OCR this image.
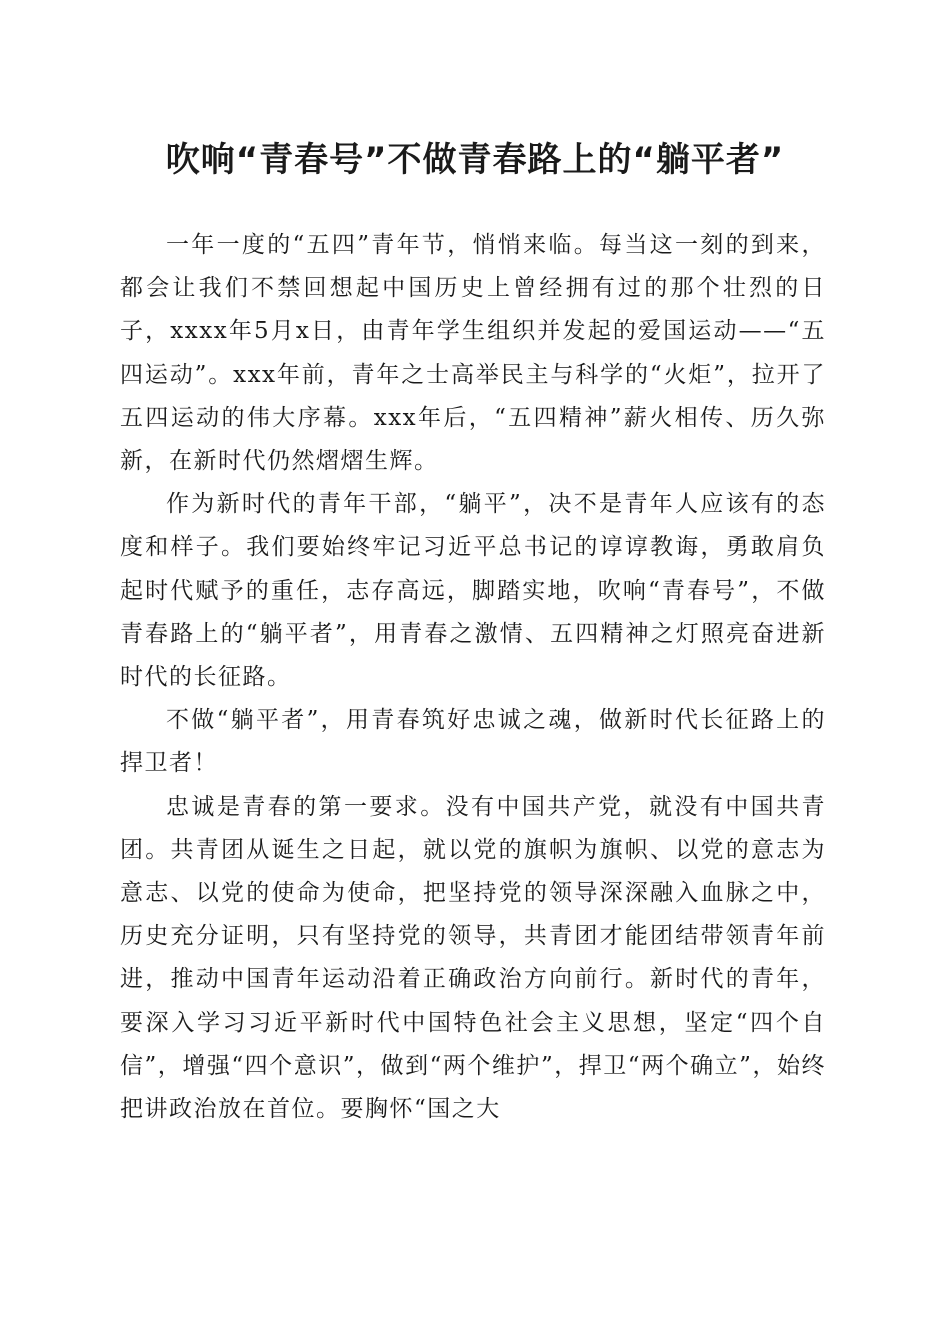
吹响“青春号”不做青春路上的“躺平者”

一年一度的“五四”青年节，悄悄来临。每当这一刻的到来，都会让我们不禁回想起中国历史上曾经拥有过的那个壮烈的日子，xxxx年5月x日，由青年学生组织并发起的爱国运动——“五四运动”。xxx年前，青年之士高举民主与科学的“火炬”，拉开了五四运动的伟大序幕。xxx年后，“五四精神”薪火相传、历久弥新，在新时代仍然熠熠生辉。

作为新时代的青年干部，“躺平”，决不是青年人应该有的态度和样子。我们要始终牢记习近平总书记的谆谆教诲，勇敢肩负起时代赋予的重任，志存高远，脚踏实地，吹响“青春号”，不做青春路上的“躺平者”，用青春之激情、五四精神之灯照亮奋进新时代的长征路。

不做“躺平者”，用青春筑好忠诚之魂，做新时代长征路上的捍卫者！

忠诚是青春的第一要求。没有中国共产党，就没有中国共青团。共青团从诞生之日起，就以党的旗帜为旗帜、以党的意志为意志、以党的使命为使命，把坚持党的领导深深融入血脉之中，历史充分证明，只有坚持党的领导，共青团才能团结带领青年前进，推动中国青年运动沿着正确政治方向前行。新时代的青年，要深入学习习近平新时代中国特色社会主义思想，坚定“四个自信”，增强“四个意识”，做到“两个维护”，捍卫“两个确立”，始终把讲政治放在首位。要胸怀“国之大
